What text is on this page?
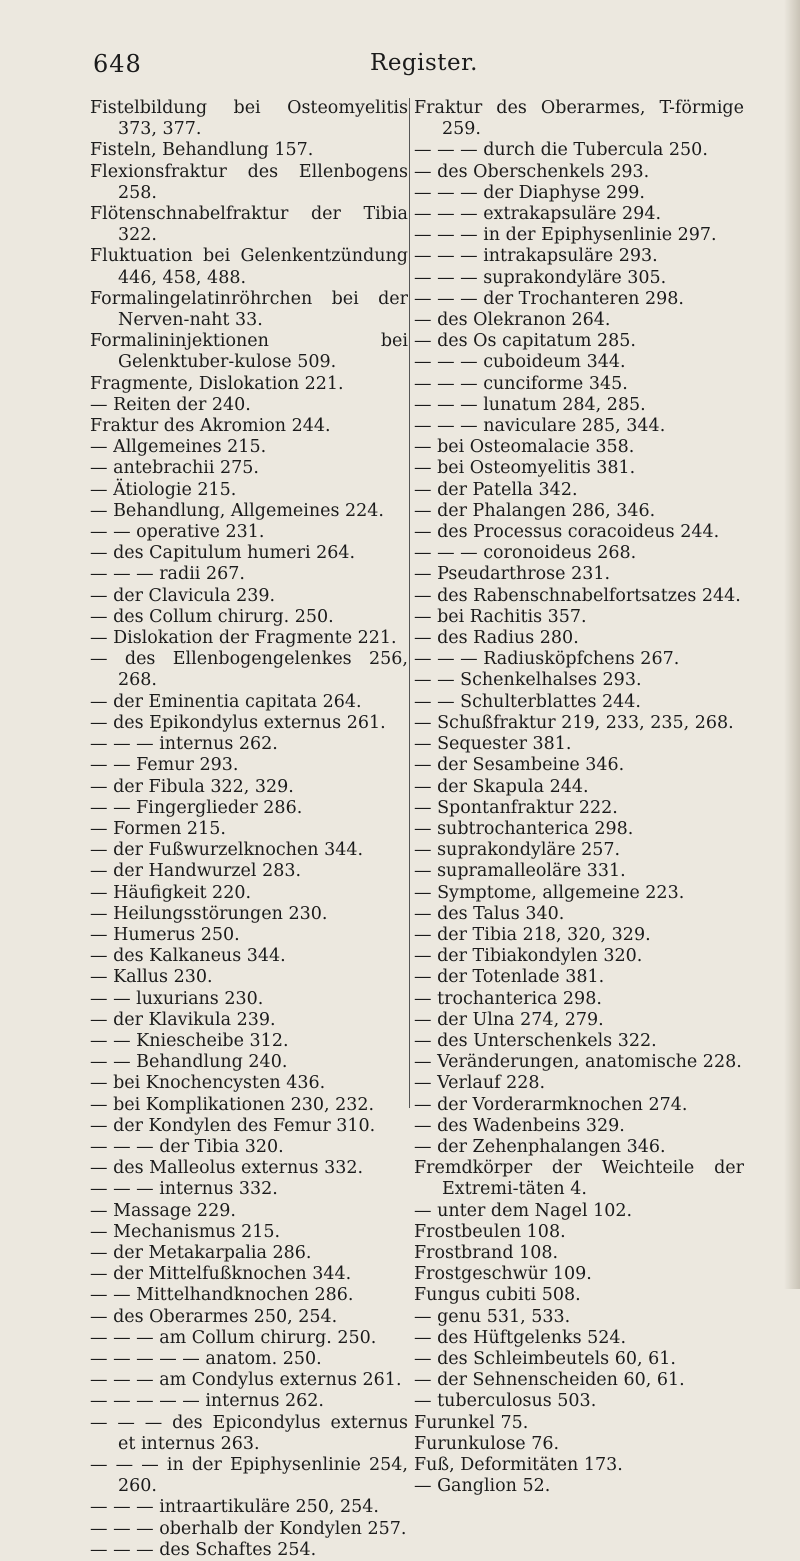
648	Register.
Fistelbildung bei Osteomyelitis 373, 377.
Fisteln, Behandlung 157.
Flexionsfraktur des Ellenbogens 258.
Flötenschnabelfraktur der Tibia 322.
Fluktuation bei Gelenkentzündung 446, 458, 488.
Formalingelatinröhrchen bei der Nerven-naht 33.
Formalininjektionen bei Gelenktuber-kulose 509.
Fragmente, Dislokation 221.
— Reiten der 240.
Fraktur des Akromion 244.
— Allgemeines 215.
— antebrachii 275.
— Ätiologie 215.
— Behandlung, Allgemeines 224.
— — operative 231.
— des Capitulum humeri 264.
— — — radii 267.
— der Clavicula 239.
— des Collum chirurg. 250.
— Dislokation der Fragmente 221.
— des Ellenbogengelenkes 256, 268.
— der Eminentia capitata 264.
— des Epikondylus externus 261.
— — — internus 262.
— — Femur 293.
— der Fibula 322, 329.
— — Fingerglieder 286.
— Formen 215.
— der Fußwurzelknochen 344.
— der Handwurzel 283.
— Häufigkeit 220.
— Heilungsstörungen 230.
— Humerus 250.
— des Kalkaneus 344.
— Kallus 230.
— — luxurians 230.
— der Klavikula 239.
— — Kniescheibe 312.
— — Behandlung 240.
— bei Knochencysten 436.
— bei Komplikationen 230, 232.
— der Kondylen des Femur 310.
— — — der Tibia 320.
— des Malleolus externus 332.
— — — internus 332.
— Massage 229.
— Mechanismus 215.
— der Metakarpalia 286.
— der Mittelfußknochen 344.
— — Mittelhandknochen 286.
— des Oberarmes 250, 254.
— — — am Collum chirurg. 250.
— — — — — anatom. 250.
— — — am Condylus externus 261.
— — — — — internus 262.
— — — des Epicondylus externus et internus 263.
— — — in der Epiphysenlinie 254, 260.
— — — intraartikuläre 250, 254.
— — — oberhalb der Kondylen 257.
— — — des Schaftes 254.
Fraktur des Oberarmes, T-förmige 259.
— — — durch die Tubercula 250.
— des Oberschenkels 293.
— — — der Diaphyse 299.
— — — extrakapsuläre 294.
— — — in der Epiphysenlinie 297.
— — — intrakapsuläre 293.
— — — suprakondyläre 305.
— — — der Trochanteren 298.
— des Olekranon 264.
— des Os capitatum 285.
— — — cuboideum 344.
— — — cunciforme 345.
— — — lunatum 284, 285.
— — — naviculare 285, 344.
— bei Osteomalacie 358.
— bei Osteomyelitis 381.
— der Patella 342.
— der Phalangen 286, 346.
— des Processus coracoideus 244.
— — — coronoideus 268.
— Pseudarthrose 231.
— des Rabenschnabelfortsatzes 244.
— bei Rachitis 357.
— des Radius 280.
— — — Radiusköpfchens 267.
— — Schenkelhalses 293.
— — Schulterblattes 244.
— Schußfraktur 219, 233, 235, 268.
— Sequester 381.
— der Sesambeine 346.
— der Skapula 244.
— Spontanfraktur 222.
— subtrochanterica 298.
— suprakondyläre 257.
— supramalleoläre 331.
— Symptome, allgemeine 223.
— des Talus 340.
— der Tibia 218, 320, 329.
— der Tibiakondylen 320.
— der Totenlade 381.
— trochanterica 298.
— der Ulna 274, 279.
— des Unterschenkels 322.
— Veränderungen, anatomische 228.
— Verlauf 228.
— der Vorderarmknochen 274.
— des Wadenbeins 329.
— der Zehenphalangen 346.
Fremdkörper der Weichteile der Extremi-täten 4.
— unter dem Nagel 102.
Frostbeulen 108.
Frostbrand 108.
Frostgeschwür 109.
Fungus cubiti 508.
— genu 531, 533.
— des Hüftgelenks 524.
— des Schleimbeutels 60, 61.
— der Sehnenscheiden 60, 61.
— tuberculosus 503.
Furunkel 75.
Furunkulose 76.
Fuß, Deformitäten 173.
— Ganglion 52.
